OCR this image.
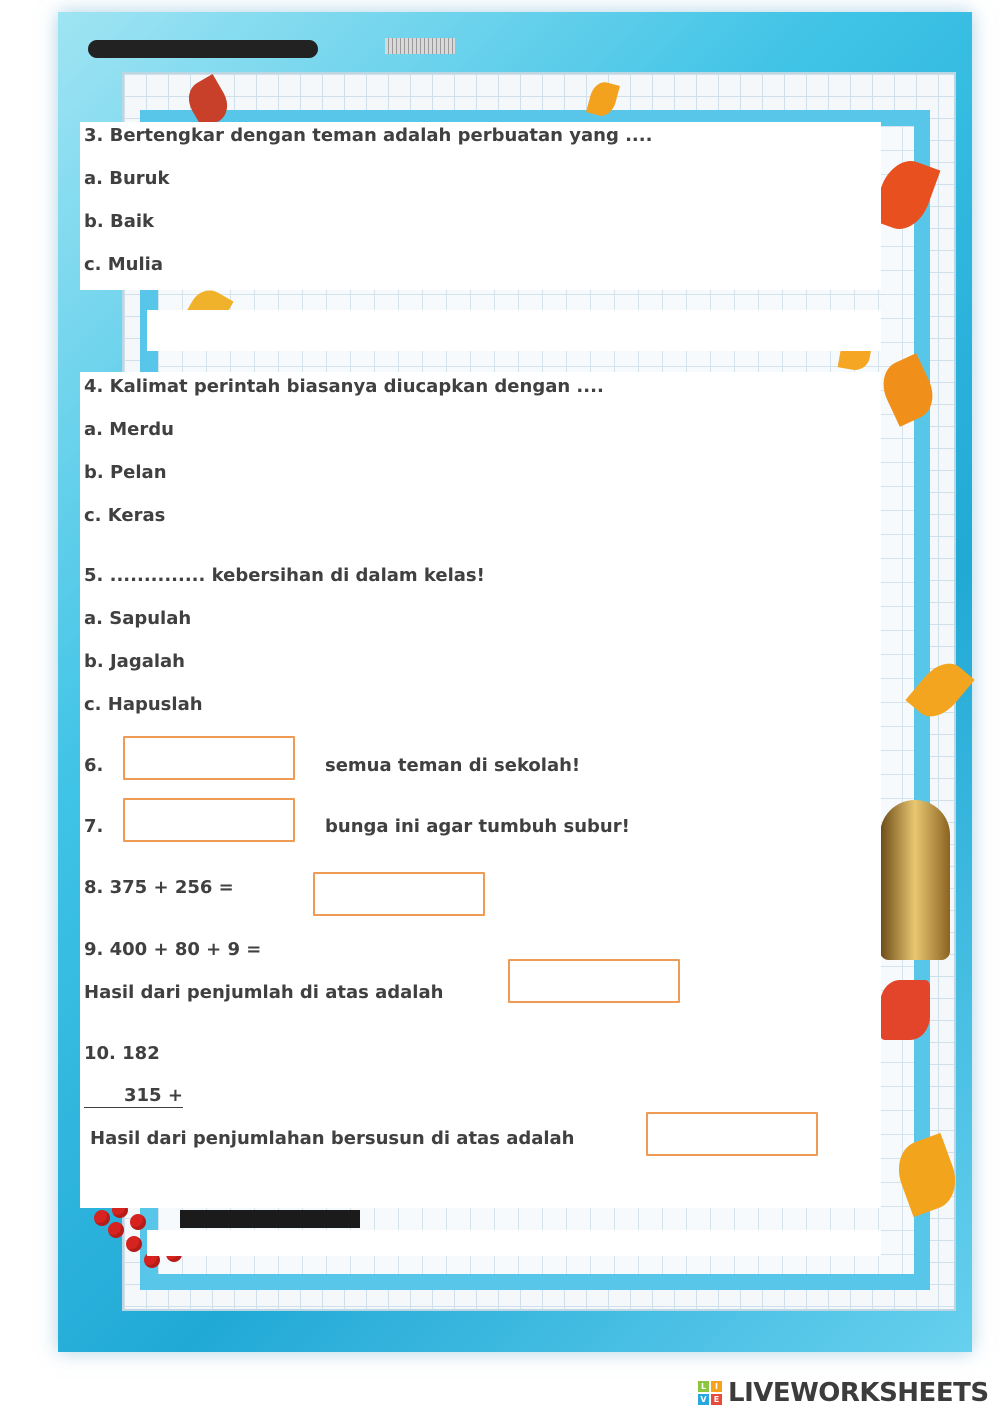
3. Bertengkar dengan teman adalah perbuatan yang ....

a. Buruk

b. Baik

c. Mulia

4. Kalimat perintah biasanya diucapkan dengan ....

a. Merdu

b. Pelan

c. Keras

5. .............. kebersihan di dalam kelas!

a. Sapulah

b. Jagalah

c. Hapuslah

6.	semua teman di sekolah!

7.	bunga ini agar tumbuh subur!

8. 375 + 256 =

9. 400 + 80 + 9 =

Hasil dari penjumlah di atas adalah

10. 182

315 +

Hasil dari penjumlahan bersusun di atas adalah

L	I
V E LIVEWORKSHEETS
